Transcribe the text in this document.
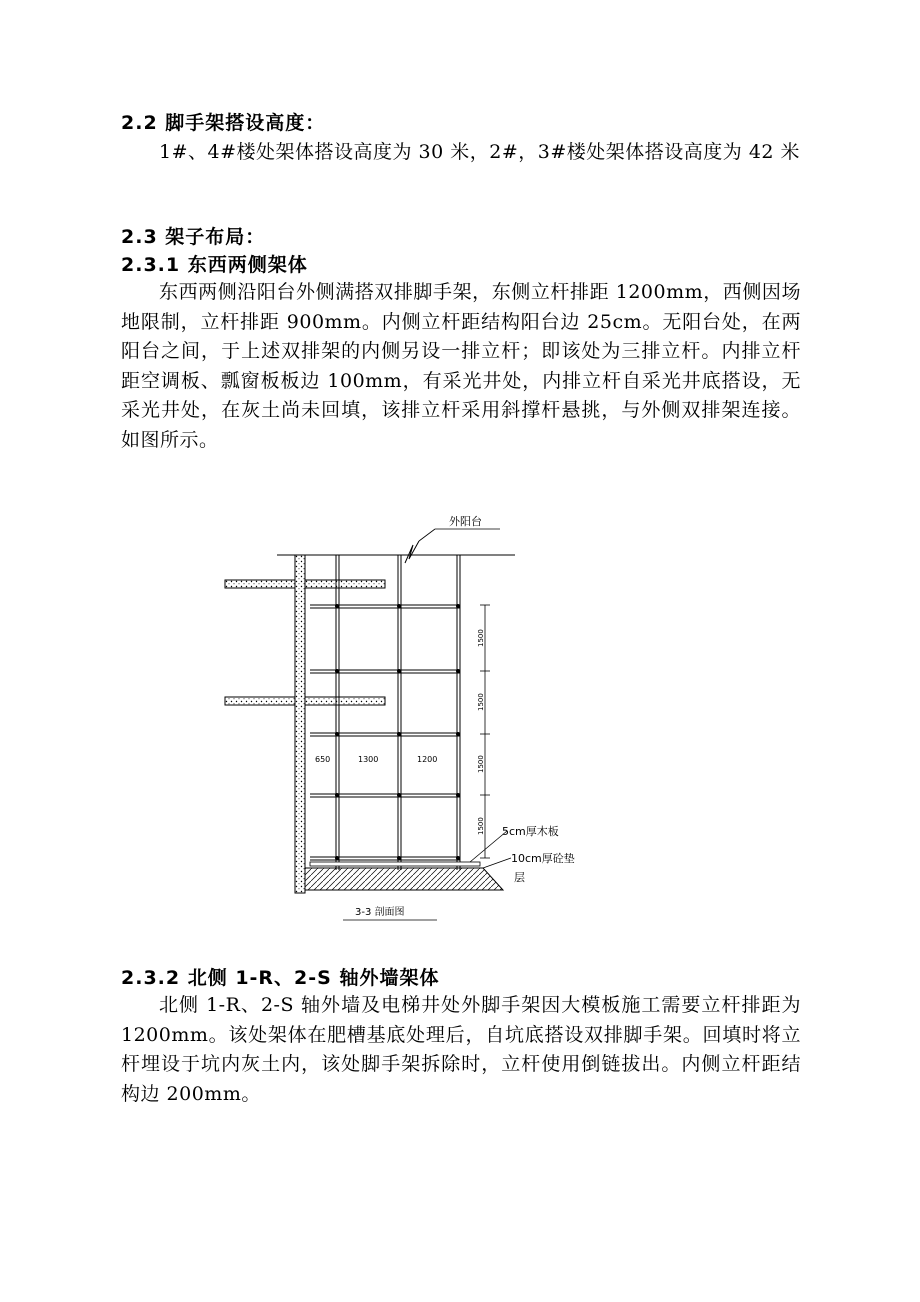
2.2 脚手架搭设高度：

1#、4#楼处架体搭设高度为 30 米，2#，3#楼处架体搭设高度为 42 米

2.3 架子布局：
2.3.1 东西两侧架体

东西两侧沿阳台外侧满搭双排脚手架，东侧立杆排距 1200mm，西侧因场地限制，立杆排距 900mm。内侧立杆距结构阳台边 25cm。无阳台处，在两阳台之间，于上述双排架的内侧另设一排立杆；即该处为三排立杆。内排立杆距空调板、瓢窗板板边 100mm，有采光井处，内排立杆自采光井底搭设，无采光井处，在灰土尚未回填，该排立杆采用斜撑杆悬挑，与外侧双排架连接。如图所示。

外阳台
650	1300	1200
1500
1500
1500
1500 5cm厚木板
10cm厚砼垫
层
3-3 剖面图
2.3.2 北侧 1-R、2-S 轴外墙架体

北侧 1-R、2-S 轴外墙及电梯井处外脚手架因大模板施工需要立杆排距为 1200mm。该处架体在肥槽基底处理后，自坑底搭设双排脚手架。回填时将立杆埋设于坑内灰土内，该处脚手架拆除时，立杆使用倒链拔出。内侧立杆距结构边 200mm。
